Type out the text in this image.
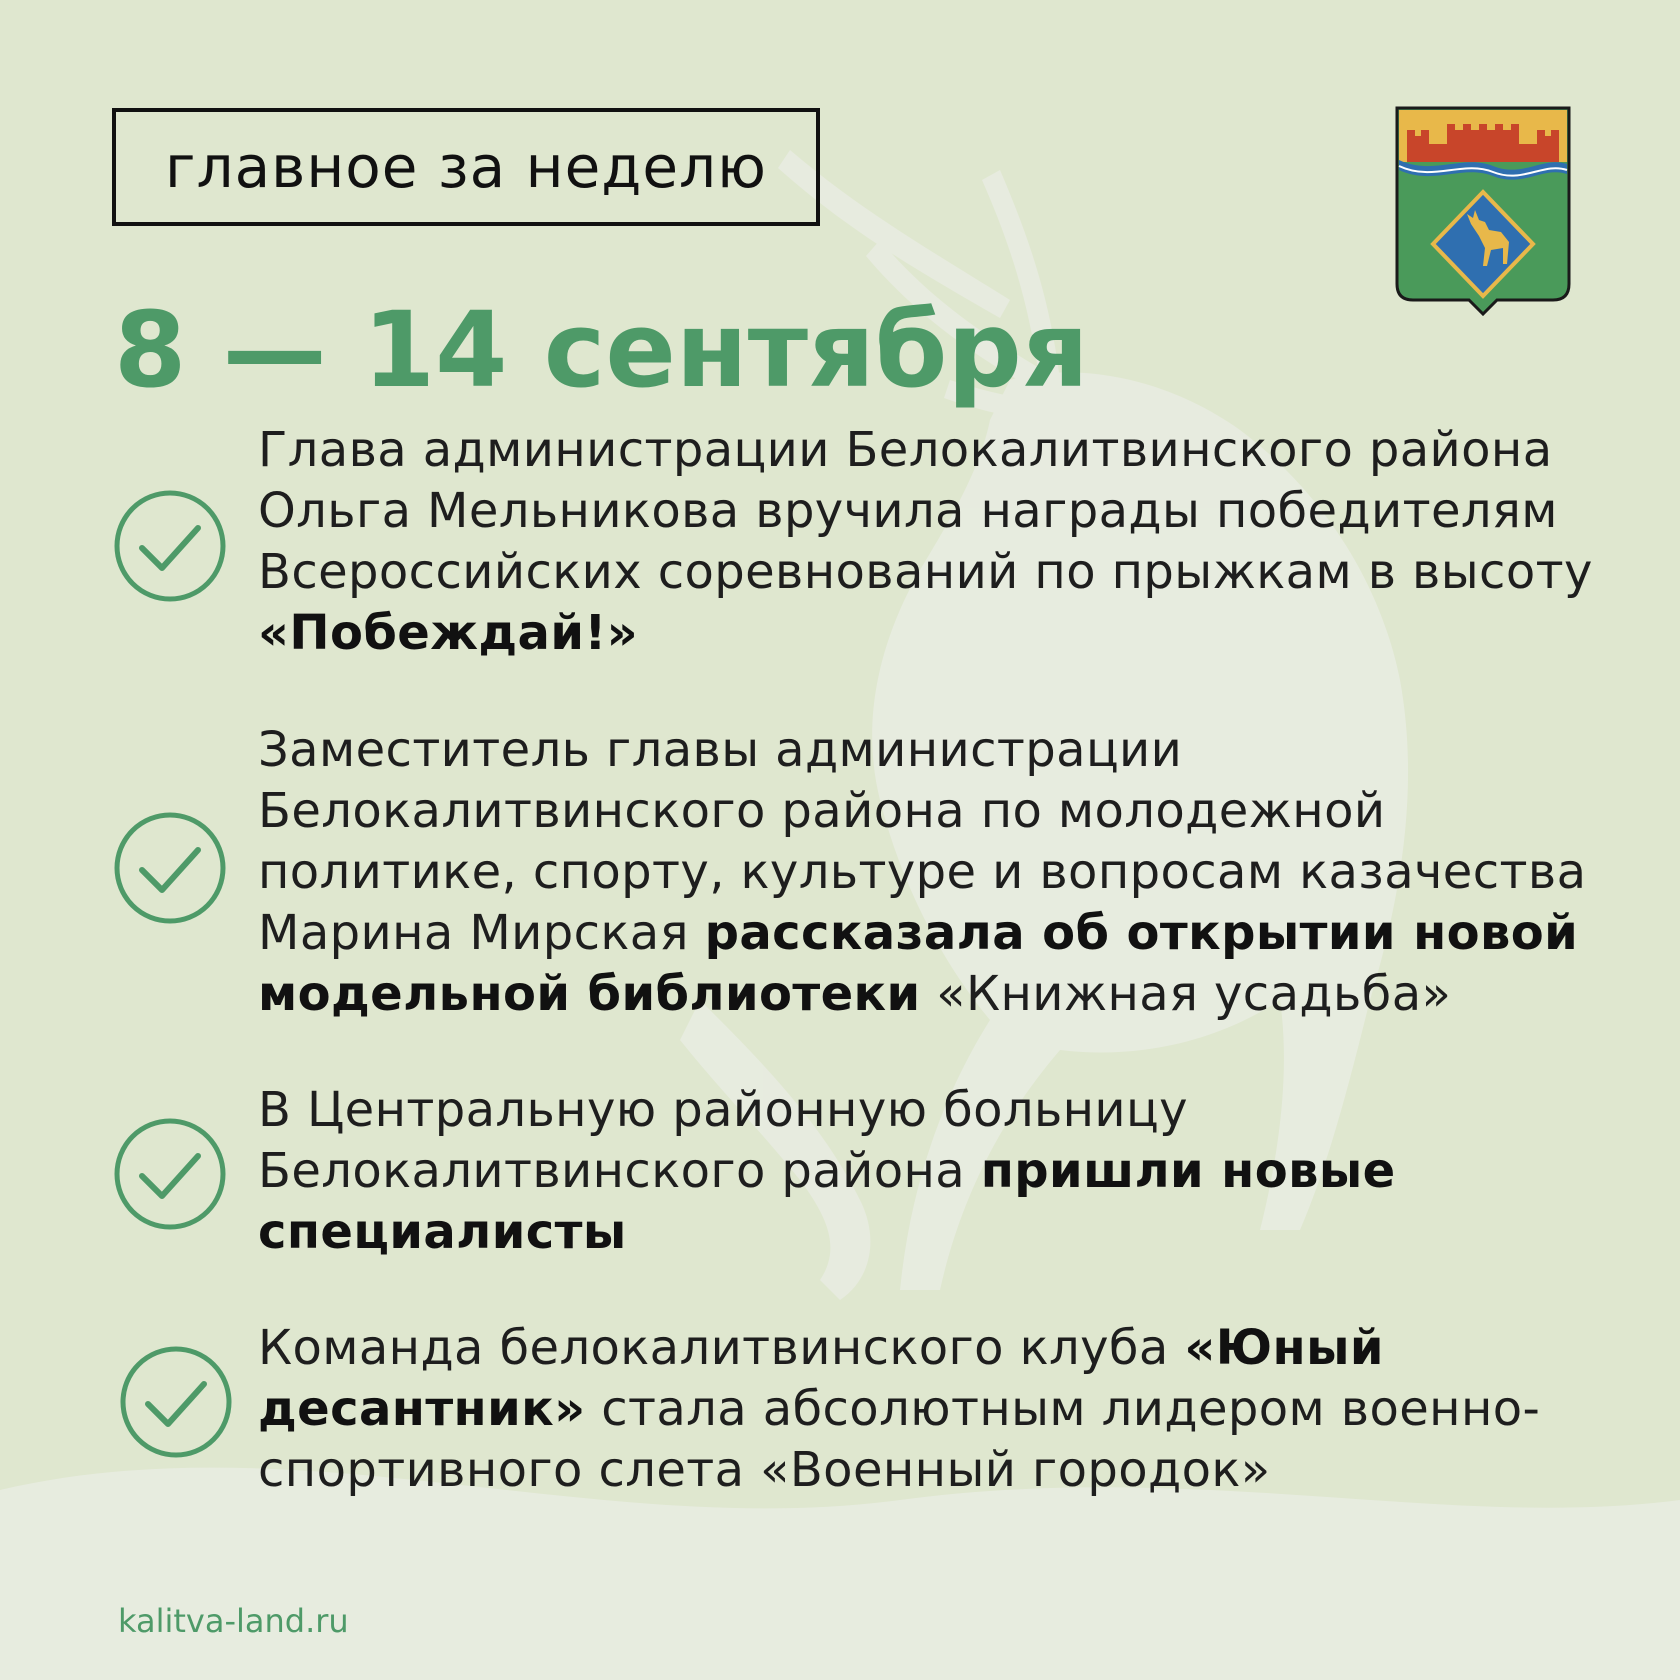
главное за неделю
8 — 14 сентября

Глава администрации Белокалитвинского района Ольга Мельникова вручила награды победителям Всероссийских соревнований по прыжкам в высоту «Побеждай!»

Заместитель главы администрации Белокалитвинского района по молодежной политике, спорту, культуре и вопросам казачества Марина Мирская рассказала об открытии новой модельной библиотеки «Книжная усадьба»

В Центральную районную больницу Белокалитвинского района пришли новые специалисты

Команда белокалитвинского клуба «Юный десантник» стала абсолютным лидером военно-спортивного слета «Военный городок»

kalitva-land.ru
